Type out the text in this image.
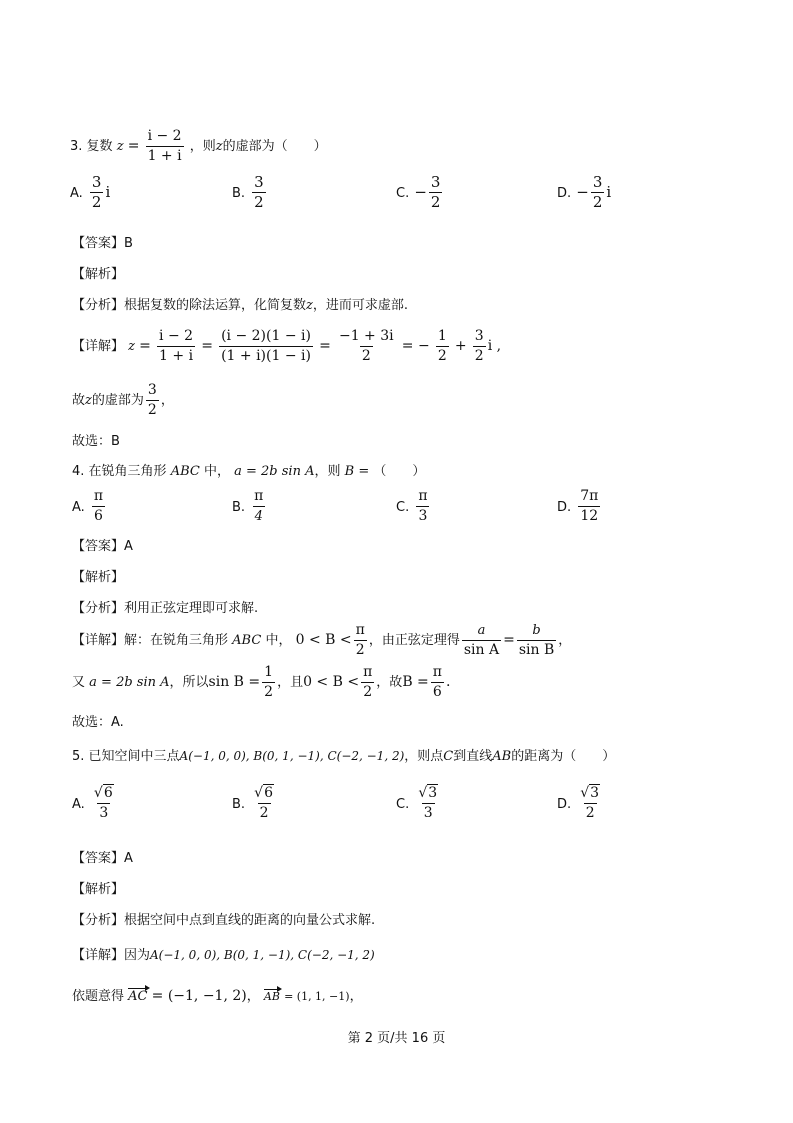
3. 复数 $z = \frac{i - 2}{1 + i}$ ，则z的虚部为（　　）
A. $\frac{3}{2}$ i	B. $\frac{3}{2}$	C. − $\frac{3}{2}$	D. − $\frac{3}{2}$ i
【答案】B
【解析】
【分析】根据复数的除法运算，化简复数z，进而可求虚部.
【详解】 $z = \frac{i - 2}{1 + i} = \frac{(i - 2)(1 - i)}{(1 + i)(1 - i)} = \frac{-1 + 3i}{2}$ = − $\frac{1}{2} + \frac{3}{2}$ i ,
故z的虚部为 $\frac{3}{2}$ ，
故选：B
4. 在锐角三角形 ABC 中， a = 2b sin A，则 B = （　　）
A. $\frac{\pi}{6}$	B. $\frac{\pi}{4}$	C. $\frac{\pi}{3}$	D. $\frac{7\pi}{12}$
【答案】A
【解析】
【分析】利用正弦定理即可求解.
【详解】解：在锐角三角形 ABC 中， $0 < B < \frac{\pi}{2}$ ，由正弦定理得 $\frac{a}{\text{sin A}} = \frac{b}{\text{sin B}}$ ，
又 a = 2b sin A，所以$\sin B = \frac{1}{2}$ ，且$0 < B < \frac{\pi}{2}$ ，故$B = \frac{\pi}{6}$ .
故选：A.
5. 已知空间中三点A(−1, 0, 0), B(0, 1, −1), C(−2, −1, 2)，则点C到直线AB的距离为（　　）
A. $\frac{√6}{3}$	B. $\frac{√6}{2}$	C. $\frac{√3}{3}$	D. $\frac{√3}{2}$
【答案】A
【解析】
【分析】根据空间中点到直线的距离的向量公式求解.
【详解】因为A(−1, 0, 0), B(0, 1, −1), C(−2, −1, 2)
依题意得 AC = (−1, −1, 2)， AB = (1, 1, −1)，
第 2 页/共 16 页
